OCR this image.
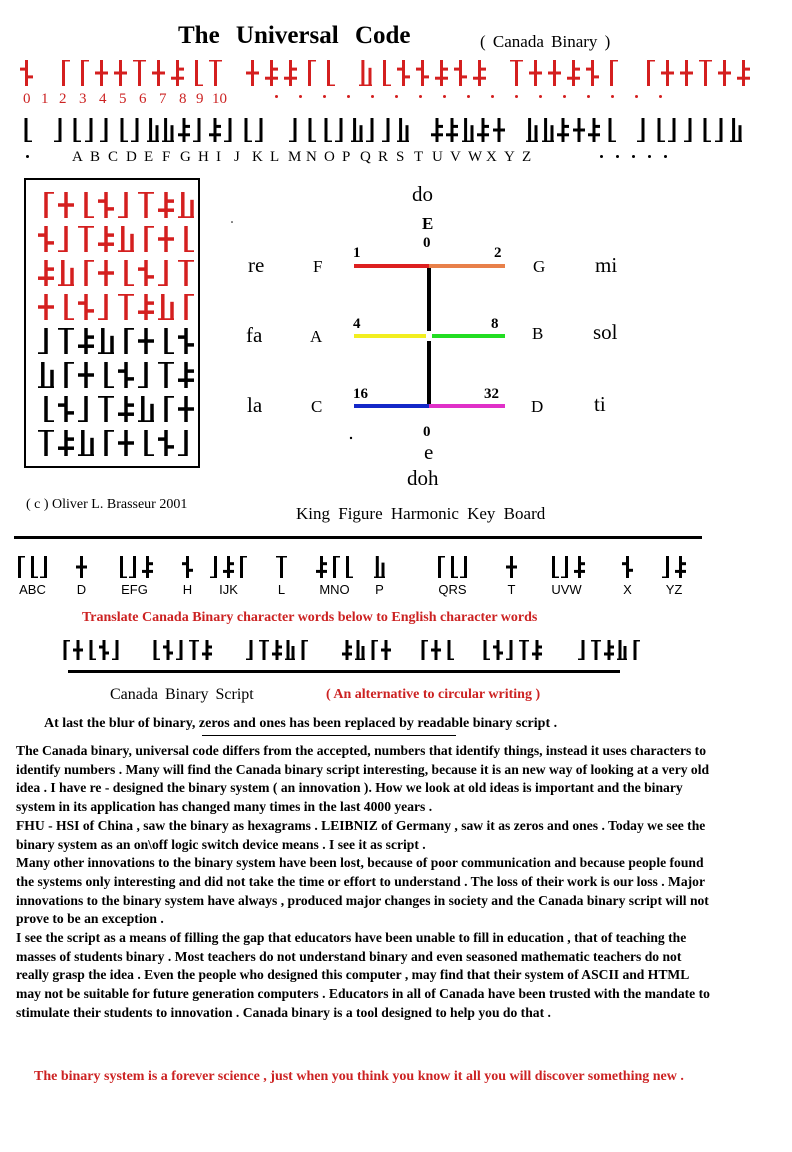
The Universal Code	( Canada Binary )
0 1 2 3 4 5 6 7 8 9 10
A B C D E F G H I J K L M N O P Q R S T U V W X Y Z
do
E
0
0
e
doh
re
fa
la
mi
sol
ti
F
A
C
G
B
D
1
4
16
2
8
32
( c ) Oliver L. Brasseur 2001	King Figure Harmonic Key Board
ABC	D	EFG	H	IJK	L	MNO P	QRS	T	UVW	X	YZ
Translate Canada Binary character words below to English character words
Canada Binary Script	( An alternative to circular writing )
At last the blur of binary, zeros and ones has been replaced by readable binary script .

The Canada binary, universal code differs from the accepted, numbers that identify things, instead it uses characters to identify numbers . Many will find the Canada binary script interesting, because it is an new way of looking at a very old idea . I have re - designed the binary system ( an innovation ). How we look at old ideas is important and the binary system in its application has changed many times in the last 4000 years .

FHU - HSI of China , saw the binary as hexagrams . LEIBNIZ of Germany , saw it as zeros and ones . Today we see the binary system as an on\off logic switch device means . I see it as script .

Many other innovations to the binary system have been lost, because of poor communication and because people found the systems only interesting and did not take the time or effort to understand . The loss of their work is our loss . Major innovations to the binary system have always , produced major changes in society and the Canada binary script will not prove to be an exception .

I see the script as a means of filling the gap that educators have been unable to fill in education , that of teaching the masses of students binary . Most teachers do not understand binary and even seasoned mathematic teachers do not really grasp the idea . Even the people who designed this computer , may find that their system of ASCII and HTML may not be suitable for future generation computers . Educators in all of Canada have been trusted with the mandate to stimulate their students to innovation . Canada binary is a tool designed to help you do that .

The binary system is a forever science , just when you think you know it all you will discover something new .
